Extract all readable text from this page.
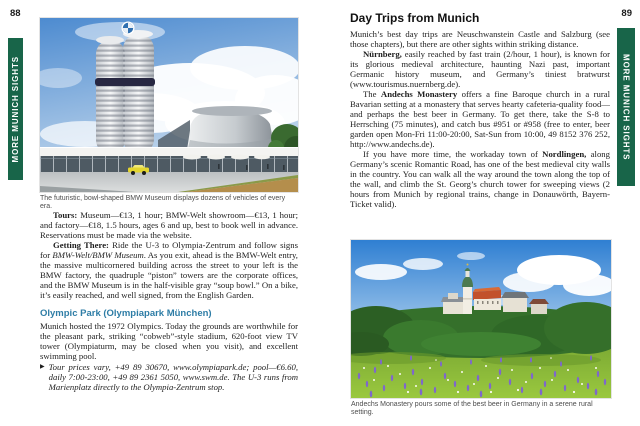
88
MORE MUNICH SIGHTS
The futuristic, bowl-shaped BMW Museum displays dozens of vehicles of every era.

Tours: Museum—€13, 1 hour; BMW-Welt showroom—€13, 1 hour; and factory—€18, 1.5 hours, ages 6 and up, best to book well in advance. Reservations must be made via the website.

Getting There: Ride the U-3 to Olympia-Zentrum and follow signs for BMW-Welt/BMW Museum. As you exit, ahead is the BMW-Welt entry, the massive multicornered building across the street to your left is the BMW factory, the quadruple “piston” towers are the corporate offices, and the BMW Museum is in the half-visible gray “soup bowl.” On a bike, it’s easily reached, and well signed, from the English Garden.

Olympic Park (Olympiapark München)

Munich hosted the 1972 Olympics. Today the grounds are worthwhile for the pleasant park, striking “cobweb”-style stadium, 620-foot view TV tower (Olympiaturm, may be closed when you visit), and excellent swimming pool.

▶ Tour prices vary, +49 89 30670, www.olympiapark.de; pool—€6.60, daily 7:00-23:00, +49 89 2361 5050, www.swm.de. The U-3 runs from Marienplatz directly to the Olympia-Zentrum stop.
Day Trips from Munich

Munich’s best day trips are Neuschwanstein Castle and Salzburg (see those chapters), but there are other sights within striking distance.

Nürnberg, easily reached by fast train (2/hour, 1 hour), is known for its glorious medieval architecture, haunting Nazi past, important Germanic history museum, and Germany’s tiniest bratwurst (www.tourismus.nuernberg.de).

The Andechs Monastery offers a fine Baroque church in a rural Bavarian setting at a monastery that serves hearty cafeteria-quality food—and perhaps the best beer in Germany. To get there, take the S-8 to Herrsching (75 minutes), and catch bus #951 or #958 (free to enter, beer garden open Mon-Fri 11:00-20:00, Sat-Sun from 10:00, 49 8152 376 252, http://www.andechs.de).

If you have more time, the workaday town of Nordlingen, along Germany’s scenic Romantic Road, has one of the best medieval city walls in the country. You can walk all the way around the town along the top of the wall, and climb the St. Georg’s church tower for sweeping views (2 hours from Munich by regional trains, change in Donauwörth, Bayern-Ticket valid).

Andechs Monastery pours some of the best beer in Germany in a serene rural setting.
89
MORE MUNICH SIGHTS
